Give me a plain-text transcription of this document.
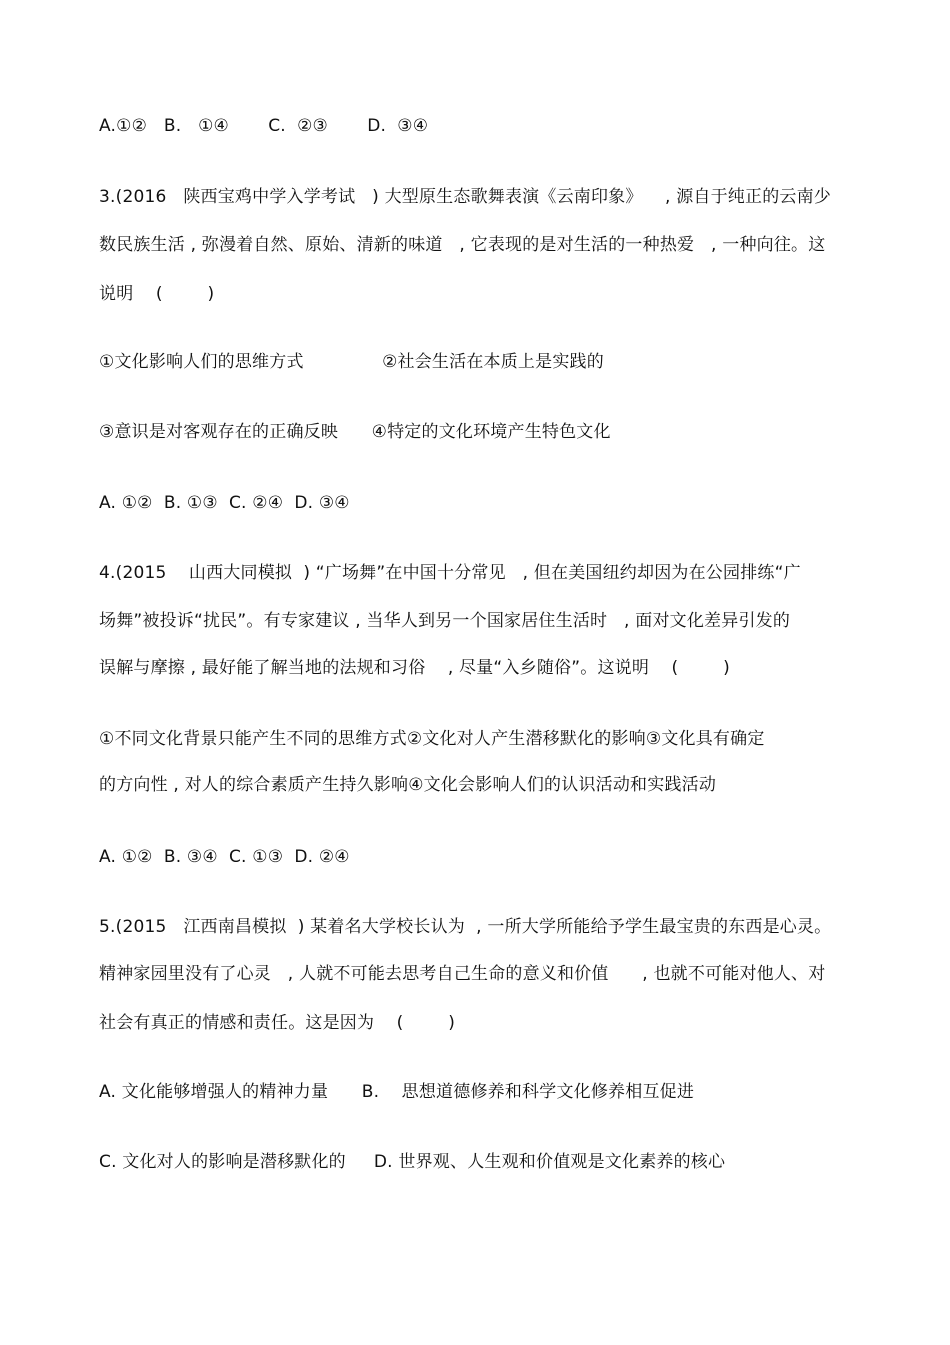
A.①②   B.   ①④       C.  ②③       D.  ③④
3.(2016   陕西宝鸡中学入学考试   ) 大型原生态歌舞表演《云南印象》    , 源自于纯正的云南少
数民族生活 , 弥漫着自然、原始、清新的味道   , 它表现的是对生活的一种热爱   , 一种向往。这
说明    (        )
①文化影响人们的思维方式              ②社会生活在本质上是实践的
③意识是对客观存在的正确反映      ④特定的文化环境产生特色文化
A. ①②  B. ①③  C. ②④  D. ③④
4.(2015    山西大同模拟  ) “广场舞”在中国十分常见   , 但在美国纽约却因为在公园排练“广
场舞”被投诉“扰民”。有专家建议 , 当华人到另一个国家居住生活时   , 面对文化差异引发的
误解与摩擦 , 最好能了解当地的法规和习俗    , 尽量“入乡随俗”。这说明    (        )
①不同文化背景只能产生不同的思维方式②文化对人产生潜移默化的影响③文化具有确定
的方向性 , 对人的综合素质产生持久影响④文化会影响人们的认识活动和实践活动
A. ①②  B. ③④  C. ①③  D. ②④
5.(2015   江西南昌模拟  ) 某着名大学校长认为  , 一所大学所能给予学生最宝贵的东西是心灵。
精神家园里没有了心灵   , 人就不可能去思考自己生命的意义和价值      , 也就不可能对他人、对
社会有真正的情感和责任。这是因为    (        )
A. 文化能够增强人的精神力量      B.    思想道德修养和科学文化修养相互促进
C. 文化对人的影响是潜移默化的     D. 世界观、人生观和价值观是文化素养的核心
